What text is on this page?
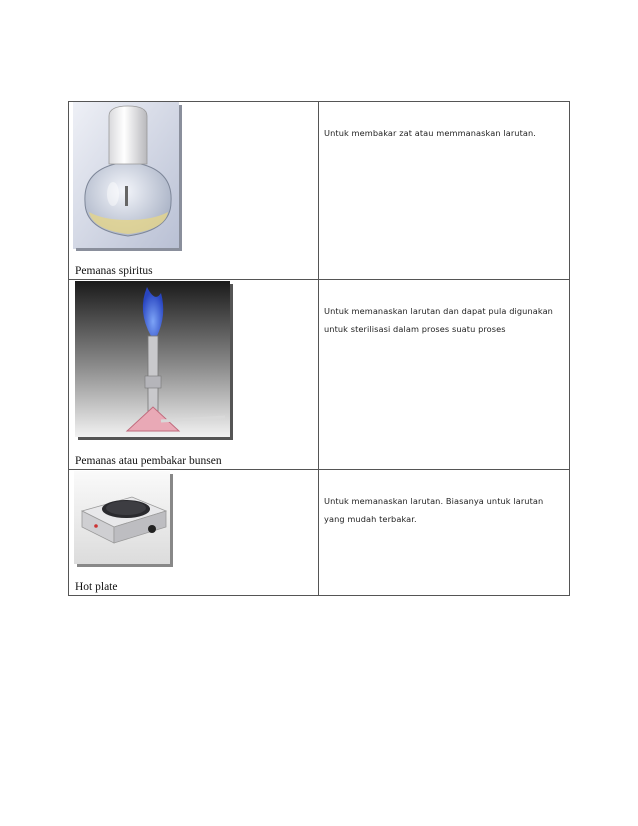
Pemanas spiritus	Untuk membakar zat atau memmanaskan larutan.

Pemanas atau pembakar bunsen	Untuk memanaskan larutan dan dapat pula digunakan untuk sterilisasi dalam proses suatu proses

Hot plate	Untuk memanaskan larutan. Biasanya untuk larutan yang mudah terbakar.
